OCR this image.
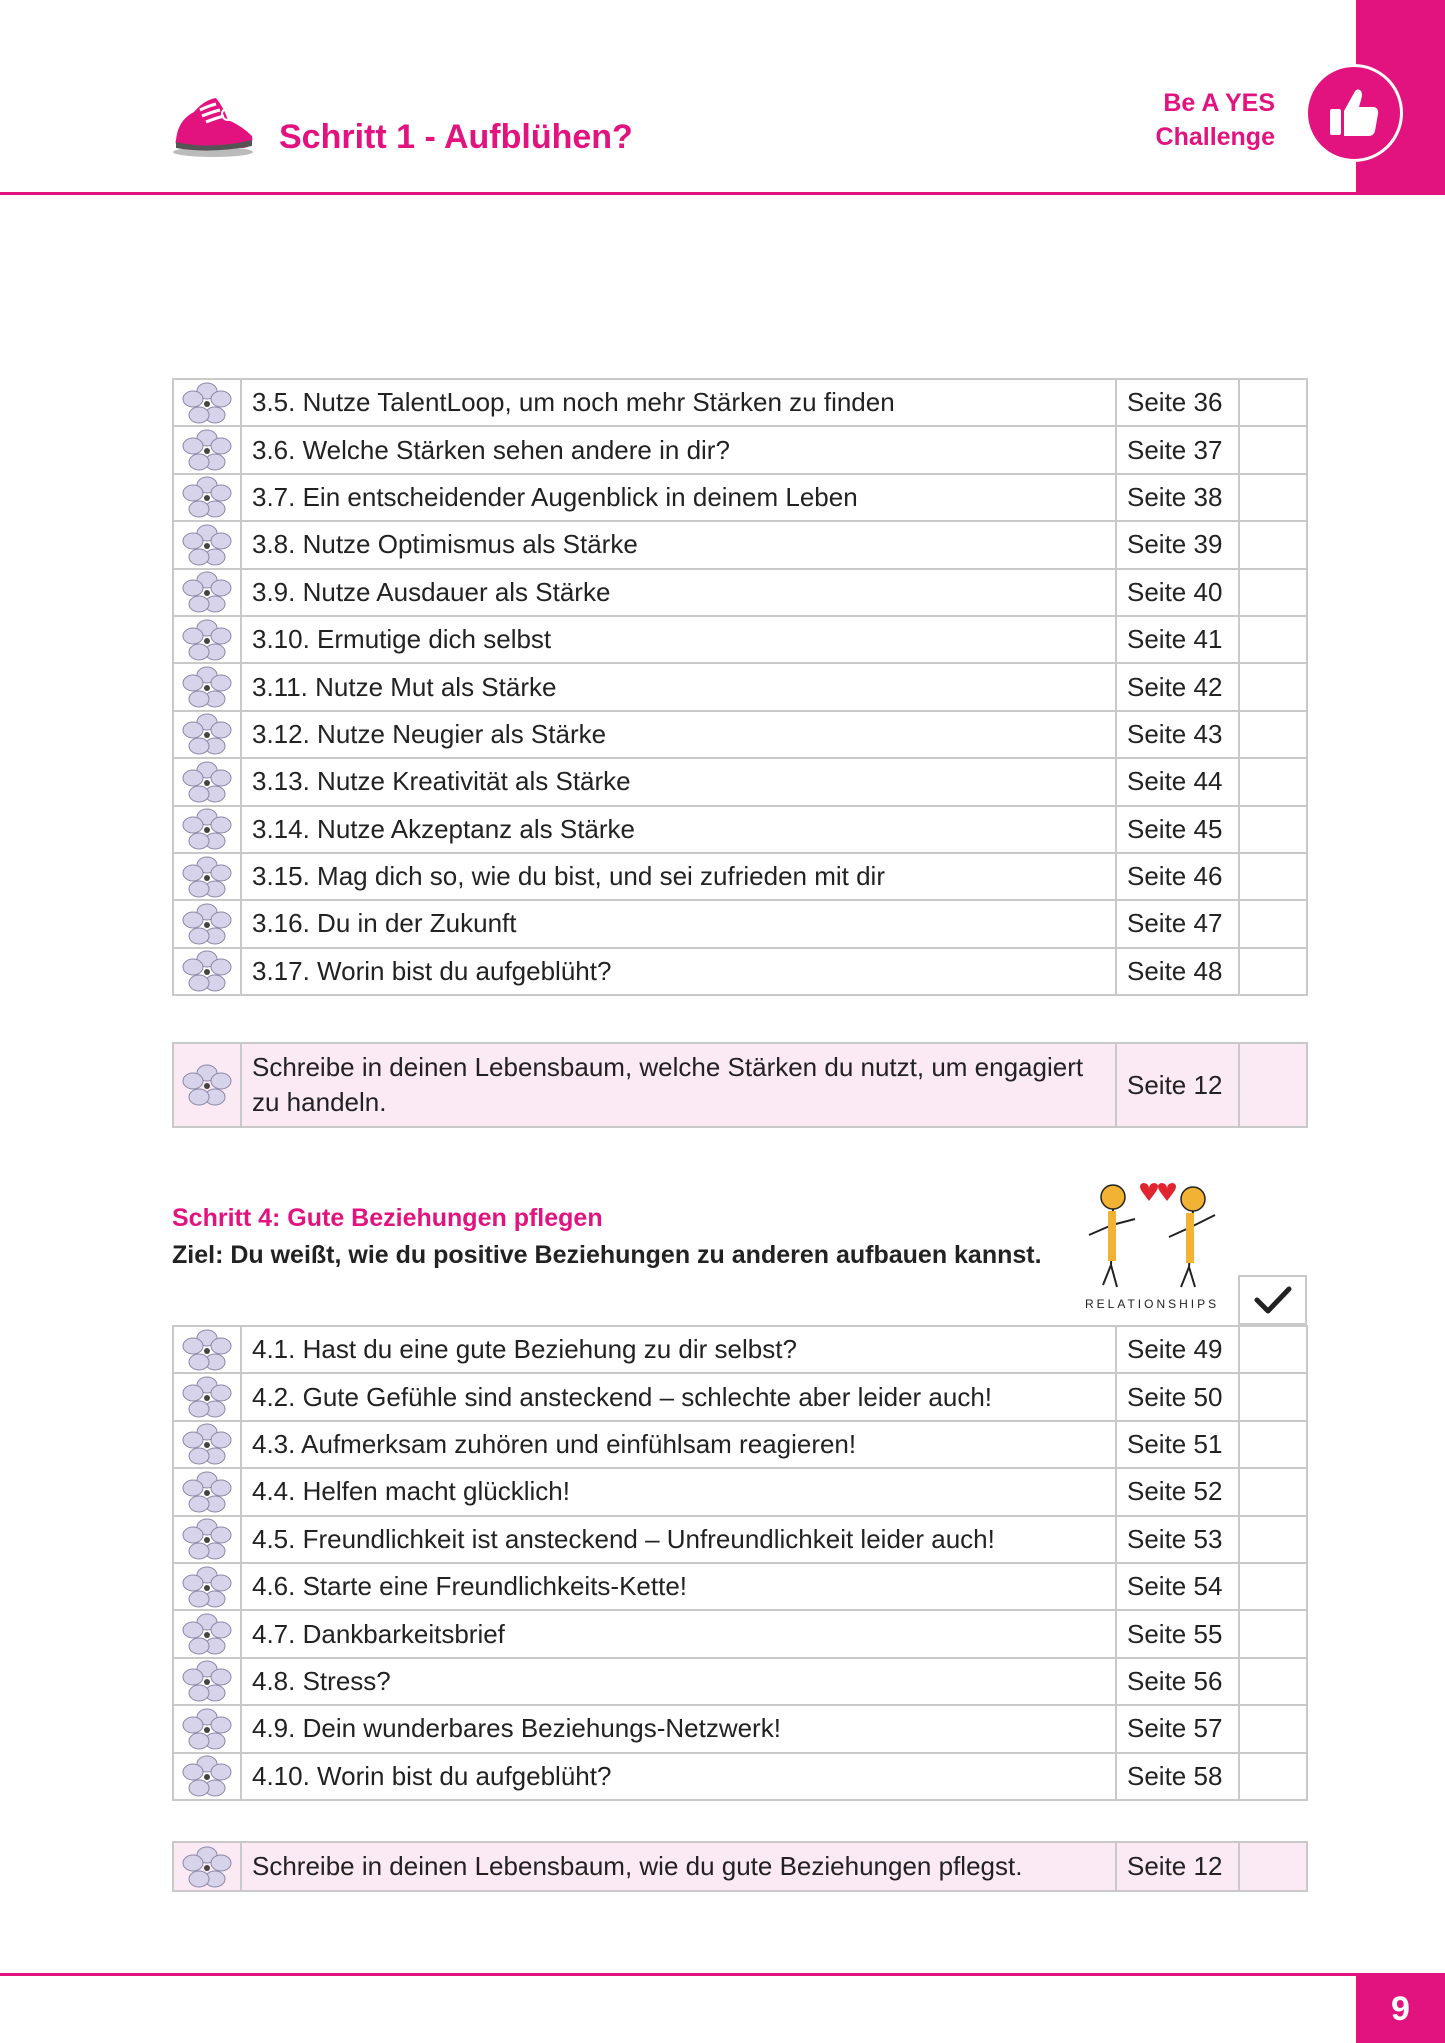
Schritt 1 - Aufblühen?
Be A YES
Challenge
	3.5. Nutze TalentLoop, um noch mehr Stärken zu finden	Seite 36	

	3.6. Welche Stärken sehen andere in dir?	Seite 37	

	3.7. Ein entscheidender Augenblick in deinem Leben	Seite 38	

	3.8. Nutze Optimismus als Stärke	Seite 39	

	3.9. Nutze Ausdauer als Stärke	Seite 40	

	3.10. Ermutige dich selbst	Seite 41	

	3.11. Nutze Mut als Stärke	Seite 42	

	3.12. Nutze Neugier als Stärke	Seite 43	

	3.13. Nutze Kreativität als Stärke	Seite 44	

	3.14. Nutze Akzeptanz als Stärke	Seite 45	

	3.15. Mag dich so, wie du bist, und sei zufrieden mit dir	Seite 46	

	3.16. Du in der Zukunft	Seite 47	

	3.17. Worin bist du aufgeblüht?	Seite 48	
	Schreibe in deinen Lebensbaum, welche Stärken du nutzt, um engagiert zu handeln.	Seite 12	
Schritt 4: Gute Beziehungen pflegen
Ziel: Du weißt, wie du positive Beziehungen zu anderen aufbauen kannst.
RELATIONSHIPS
	4.1. Hast du eine gute Beziehung zu dir selbst?	Seite 49	

	4.2. Gute Gefühle sind ansteckend – schlechte aber leider auch!	Seite 50	

	4.3. Aufmerksam zuhören und einfühlsam reagieren!	Seite 51	

	4.4. Helfen macht glücklich!	Seite 52	

	4.5. Freundlichkeit ist ansteckend – Unfreundlichkeit leider auch!	Seite 53	

	4.6. Starte eine Freundlichkeits-Kette!	Seite 54	

	4.7. Dankbarkeitsbrief	Seite 55	

	4.8. Stress?	Seite 56	

	4.9. Dein wunderbares Beziehungs-Netzwerk!	Seite 57	

	4.10. Worin bist du aufgeblüht?	Seite 58	
	Schreibe in deinen Lebensbaum, wie du gute Beziehungen pflegst.	Seite 12	
9
